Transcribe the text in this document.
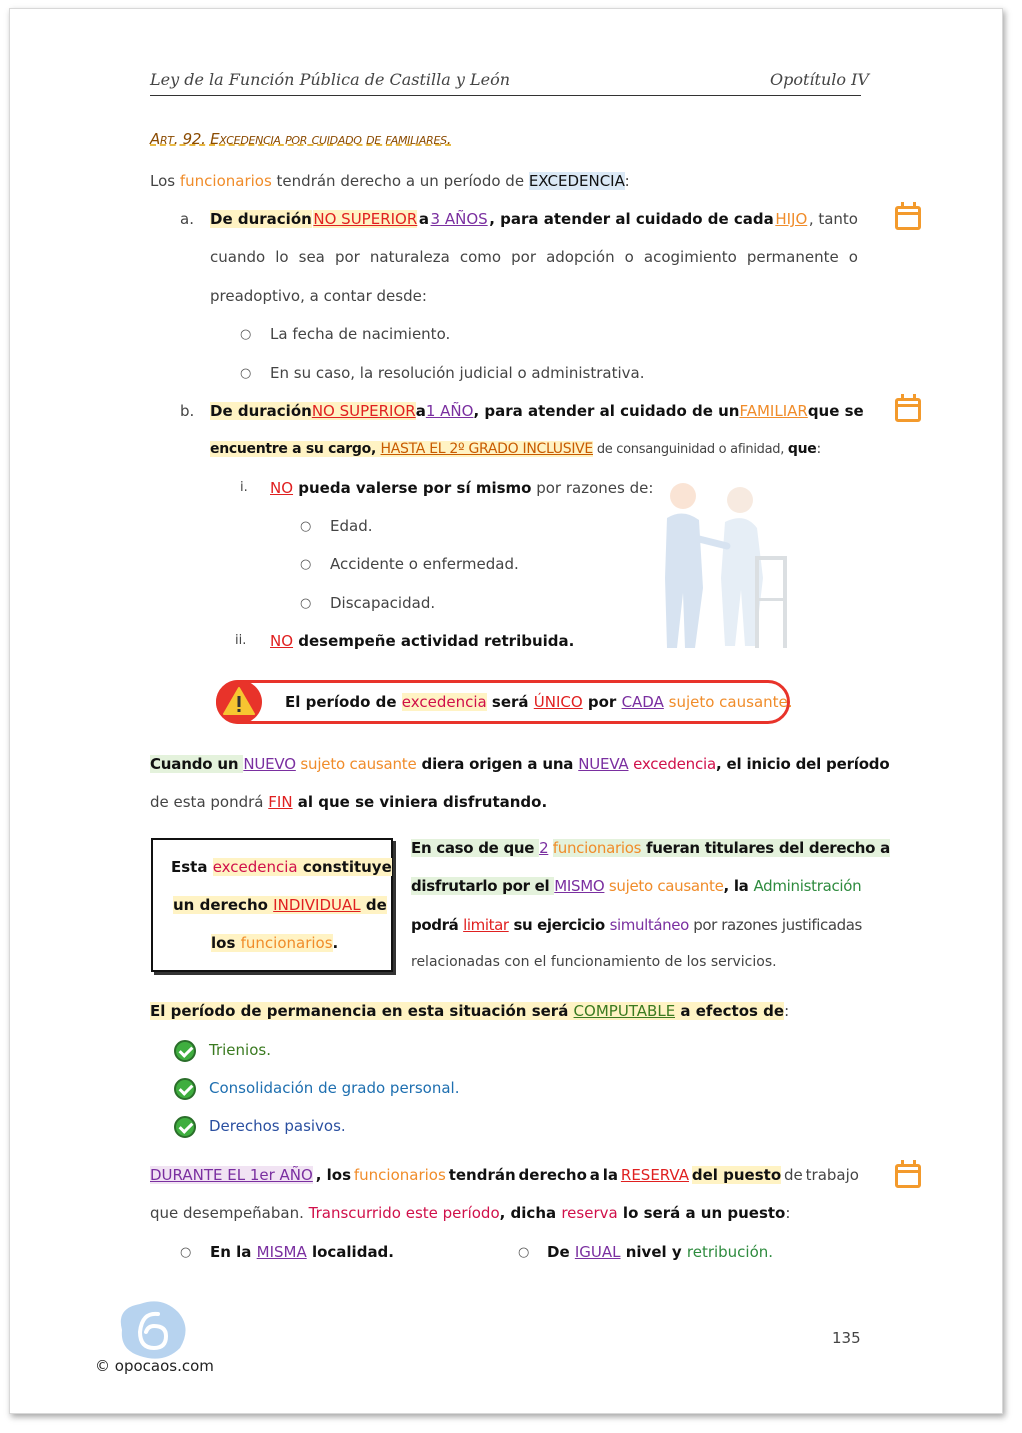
Ley de la Función Pública de Castilla y León	Opotítulo IV
Art. 92. Excedencia por cuidado de familiares.
Los funcionarios tendrán derecho a un período de EXCEDENCIA:
a. De duración NO SUPERIOR a 3 AÑOS , para atender al cuidado de cada HIJO , tanto
cuando lo sea por naturaleza como por adopción o acogimiento permanente o
preadoptivo, a contar desde:
○ La fecha de nacimiento.
○ En su caso, la resolución judicial o administrativa.
b. De duración NO SUPERIOR a 1 AÑO , para atender al cuidado de un FAMILIAR que se
encuentre a su cargo, HASTA EL 2º GRADO INCLUSIVE de consanguinidad o afinidad, que:
i. NO pueda valerse por sí mismo por razones de:
○ Edad.
○ Accidente o enfermedad.
○ Discapacidad.
ii. NO desempeñe actividad retribuida.
El período de excedencia será ÚNICO por CADA sujeto causante.
Cuando un NUEVO sujeto causante diera origen a una NUEVA excedencia, el inicio del período
de esta pondrá FIN al que se viniera disfrutando.
Esta excedencia constituye
un derecho INDIVIDUAL de
los funcionarios.
En caso de que 2 funcionarios fueran titulares del derecho a
disfrutarlo por el MISMO sujeto causante, la Administración
podrá limitar su ejercicio simultáneo por razones justificadas
relacionadas con el funcionamiento de los servicios.
El período de permanencia en esta situación será COMPUTABLE a efectos de:
Trienios.
Consolidación de grado personal.
Derechos pasivos.
DURANTE EL 1er AÑO , los funcionarios tendrán derecho a la RESERVA del puesto de trabajo
que desempeñaban. Transcurrido este período, dicha reserva lo será a un puesto:
○ En la MISMA localidad.	○ De IGUAL nivel y retribución.
135
© opocaos.com
